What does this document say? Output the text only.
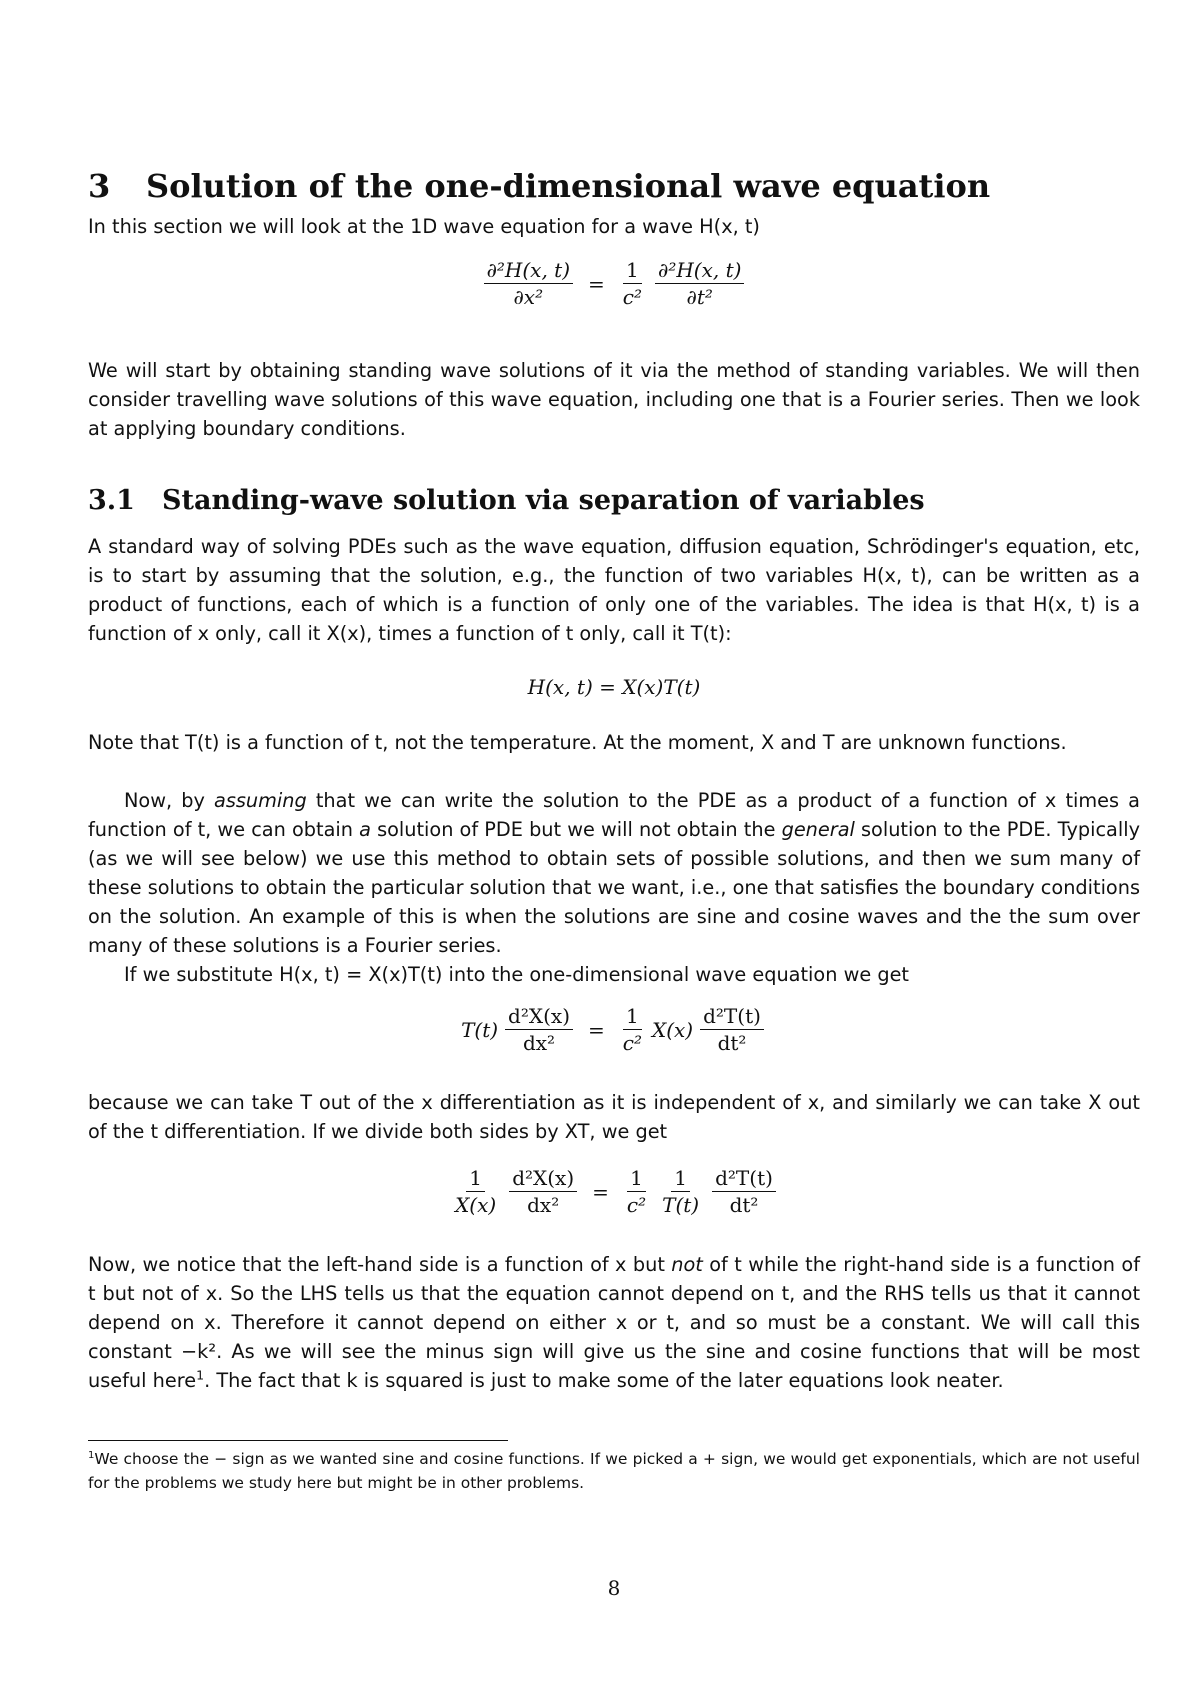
3 Solution of the one-dimensional wave equation

In this section we will look at the 1D wave equation for a wave H(x, t)

$\frac{\text{∂²H(x, t)}}{\text{∂x²}} = \frac{1}{\text{c²}} \frac{\text{∂²H(x, t)}}{\text{∂t²}}$

We will start by obtaining standing wave solutions of it via the method of standing variables. We will then consider travelling wave solutions of this wave equation, including one that is a Fourier series. Then we look at applying boundary conditions.

3.1 Standing-wave solution via separation of variables

A standard way of solving PDEs such as the wave equation, diffusion equation, Schrödinger's equation, etc, is to start by assuming that the solution, e.g., the function of two variables H(x, t), can be written as a product of functions, each of which is a function of only one of the variables. The idea is that H(x, t) is a function of x only, call it X(x), times a function of t only, call it T(t):

H(x, t) = X(x)T(t)

Note that T(t) is a function of t, not the temperature. At the moment, X and T are unknown functions.

Now, by assuming that we can write the solution to the PDE as a product of a function of x times a function of t, we can obtain a solution of PDE but we will not obtain the general solution to the PDE. Typically (as we will see below) we use this method to obtain sets of possible solutions, and then we sum many of these solutions to obtain the particular solution that we want, i.e., one that satisfies the boundary conditions on the solution. An example of this is when the solutions are sine and cosine waves and the the sum over many of these solutions is a Fourier series.

If we substitute H(x, t) = X(x)T(t) into the one-dimensional wave equation we get

$T(t) \frac{\text{d²X(x)}}{\text{dx²}} = \frac{1}{\text{c²}} X(x) \frac{\text{d²T(t)}}{\text{dt²}}$

because we can take T out of the x differentiation as it is independent of x, and similarly we can take X out of the t differentiation. If we divide both sides by XT, we get

$\frac{1}{X(x)} \frac{\text{d²X(x)}}{\text{dx²}} = \frac{1}{\text{c²}} \frac{1}{T(t)} \frac{\text{d²T(t)}}{\text{dt²}}$

Now, we notice that the left-hand side is a function of x but not of t while the right-hand side is a function of t but not of x. So the LHS tells us that the equation cannot depend on t, and the RHS tells us that it cannot depend on x. Therefore it cannot depend on either x or t, and so must be a constant. We will call this constant −k². As we will see the minus sign will give us the sine and cosine functions that will be most useful here$^1$. The fact that k is squared is just to make some of the later equations look neater.

$^1$We choose the − sign as we wanted sine and cosine functions. If we picked a + sign, we would get exponentials, which are not useful for the problems we study here but might be in other problems.

8
